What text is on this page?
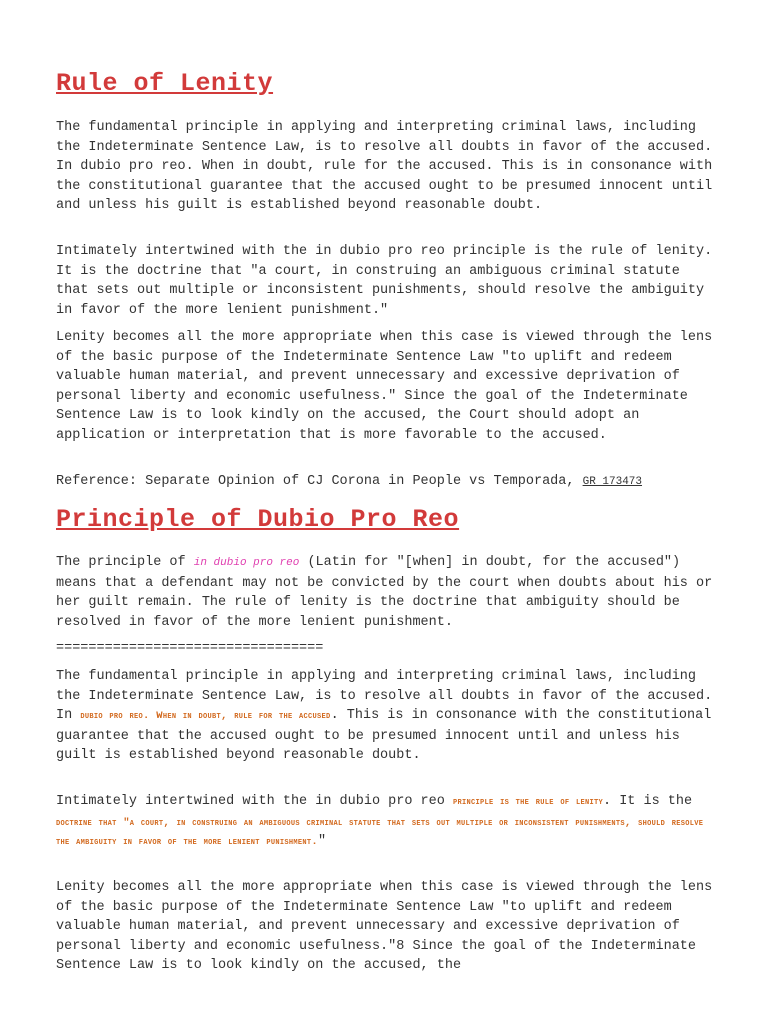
Rule of Lenity

The fundamental principle in applying and interpreting criminal laws, including the Indeterminate Sentence Law, is to resolve all doubts in favor of the accused. In dubio pro reo. When in doubt, rule for the accused. This is in consonance with the constitutional guarantee that the accused ought to be presumed innocent until and unless his guilt is established beyond reasonable doubt.

Intimately intertwined with the in dubio pro reo principle is the rule of lenity. It is the doctrine that "a court, in construing an ambiguous criminal statute that sets out multiple or inconsistent punishments, should resolve the ambiguity in favor of the more lenient punishment."

Lenity becomes all the more appropriate when this case is viewed through the lens of the basic purpose of the Indeterminate Sentence Law "to uplift and redeem valuable human material, and prevent unnecessary and excessive deprivation of personal liberty and economic usefulness." Since the goal of the Indeterminate Sentence Law is to look kindly on the accused, the Court should adopt an application or interpretation that is more favorable to the accused.

Reference: Separate Opinion of CJ Corona in People vs Temporada, GR 173473

Principle of Dubio Pro Reo

The principle of in dubio pro reo (Latin for "[when] in doubt, for the accused") means that a defendant may not be convicted by the court when doubts about his or her guilt remain. The rule of lenity is the doctrine that ambiguity should be resolved in favor of the more lenient punishment.

=================================

The fundamental principle in applying and interpreting criminal laws, including the Indeterminate Sentence Law, is to resolve all doubts in favor of the accused. In dubio pro reo. When in doubt, rule for the accused. This is in consonance with the constitutional guarantee that the accused ought to be presumed innocent until and unless his guilt is established beyond reasonable doubt.

Intimately intertwined with the in dubio pro reo principle is the rule of lenity. It is the doctrine that "a court, in construing an ambiguous criminal statute that sets out multiple or inconsistent punishments, should resolve the ambiguity in favor of the more lenient punishment."

Lenity becomes all the more appropriate when this case is viewed through the lens of the basic purpose of the Indeterminate Sentence Law "to uplift and redeem valuable human material, and prevent unnecessary and excessive deprivation of personal liberty and economic usefulness."8 Since the goal of the Indeterminate Sentence Law is to look kindly on the accused, the
